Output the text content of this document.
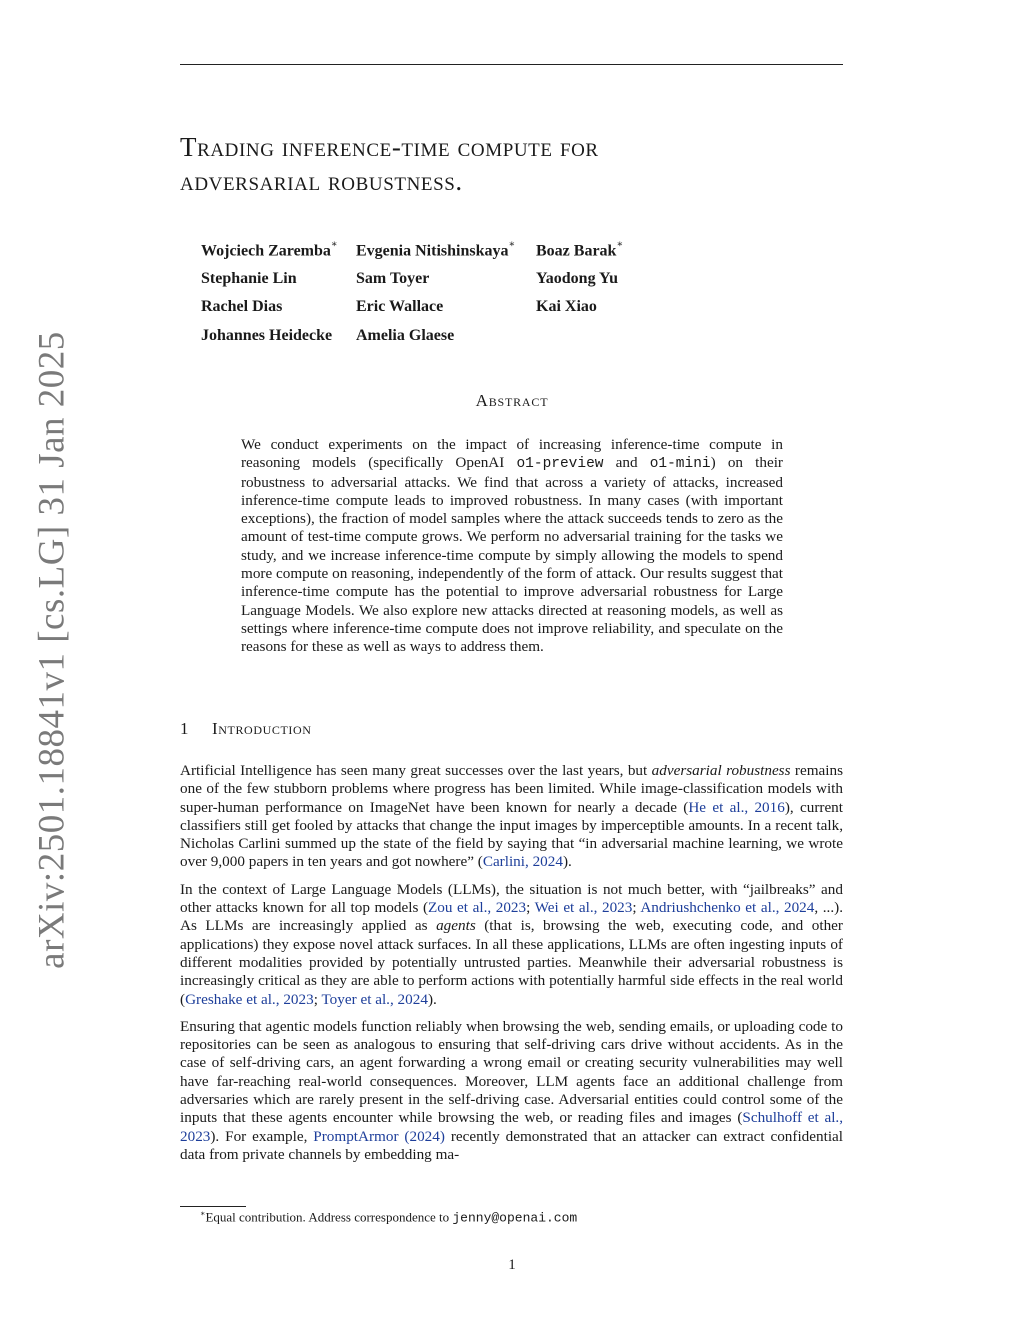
arXiv:2501.18841v1 [cs.LG] 31 Jan 2025
Trading inference-time compute for
adversarial robustness.
Wojciech Zaremba∗	Evgenia Nitishinskaya∗	Boaz Barak∗
Stephanie Lin	Sam Toyer	Yaodong Yu
Rachel Dias	Eric Wallace	Kai Xiao
Johannes Heidecke	Amelia Glaese
Abstract
We conduct experiments on the impact of increasing inference-time compute in reasoning models (specifically OpenAI o1-preview and o1-mini) on their robustness to adversarial attacks. We find that across a variety of attacks, increased inference-time compute leads to improved robustness. In many cases (with important exceptions), the fraction of model samples where the attack succeeds tends to zero as the amount of test-time compute grows. We perform no adversarial training for the tasks we study, and we increase inference-time compute by simply allowing the models to spend more compute on reasoning, independently of the form of attack. Our results suggest that inference-time compute has the potential to improve adversarial robustness for Large Language Models. We also explore new attacks directed at reasoning models, as well as settings where inference-time compute does not improve reliability, and speculate on the reasons for these as well as ways to address them.
1 Introduction

Artificial Intelligence has seen many great successes over the last years, but adversarial robustness remains one of the few stubborn problems where progress has been limited. While image-classification models with super-human performance on ImageNet have been known for nearly a decade (He et al., 2016), current classifiers still get fooled by attacks that change the input images by imperceptible amounts. In a recent talk, Nicholas Carlini summed up the state of the field by saying that “in adversarial machine learning, we wrote over 9,000 papers in ten years and got nowhere” (Carlini, 2024).

In the context of Large Language Models (LLMs), the situation is not much better, with “jailbreaks” and other attacks known for all top models (Zou et al., 2023; Wei et al., 2023; Andriushchenko et al., 2024, ...). As LLMs are increasingly applied as agents (that is, browsing the web, executing code, and other applications) they expose novel attack surfaces. In all these applications, LLMs are often ingesting inputs of different modalities provided by potentially untrusted parties. Meanwhile their adversarial robustness is increasingly critical as they are able to perform actions with potentially harmful side effects in the real world (Greshake et al., 2023; Toyer et al., 2024).

Ensuring that agentic models function reliably when browsing the web, sending emails, or uploading code to repositories can be seen as analogous to ensuring that self-driving cars drive without accidents. As in the case of self-driving cars, an agent forwarding a wrong email or creating security vulnerabilities may well have far-reaching real-world consequences. Moreover, LLM agents face an additional challenge from adversaries which are rarely present in the self-driving case. Adversarial entities could control some of the inputs that these agents encounter while browsing the web, or reading files and images (Schulhoff et al., 2023). For example, PromptArmor (2024) recently demonstrated that an attacker can extract confidential data from private channels by embedding ma-

∗Equal contribution. Address correspondence to jenny@openai.com
1
